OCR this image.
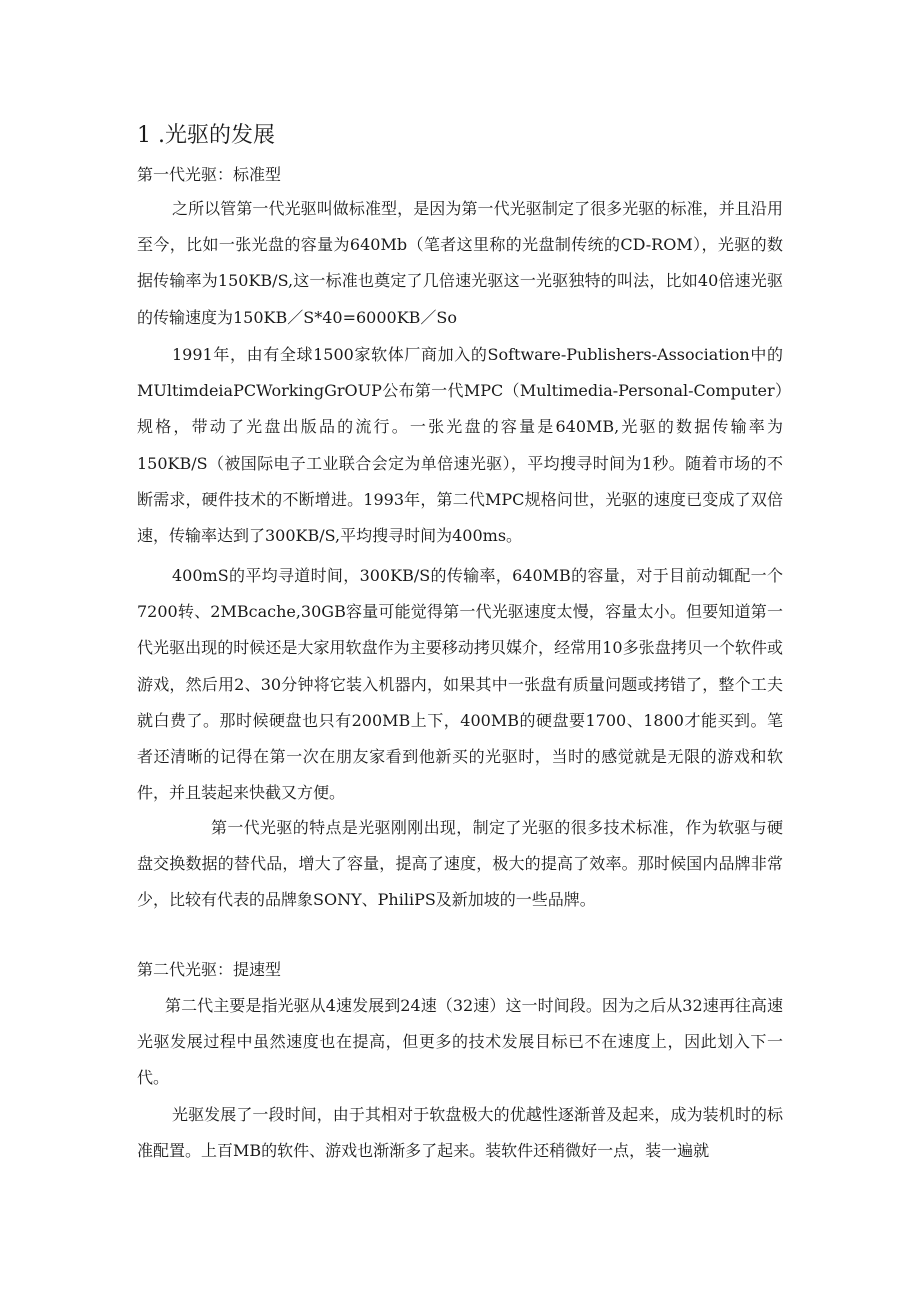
1 .光驱的发展
第一代光驱：标准型

之所以管第一代光驱叫做标准型，是因为第一代光驱制定了很多光驱的标准，并且沿用至今，比如一张光盘的容量为640Mb（笔者这里称的光盘制传统的CD-ROM），光驱的数据传输率为150KB/S,这一标准也奠定了几倍速光驱这一光驱独特的叫法，比如40倍速光驱的传输速度为150KB／S*40=6000KB／So

1991年，由有全球1500家软体厂商加入的Software-Publishers-Association中的MUltimdeiaPCWorkingGrOUP公布第一代MPC（Multimedia-Personal-Computer）规格，带动了光盘出版品的流行。一张光盘的容量是640MB,光驱的数据传输率为150KB/S（被国际电子工业联合会定为单倍速光驱），平均搜寻时间为1秒。随着市场的不断需求，硬件技术的不断增进。1993年，第二代MPC规格问世，光驱的速度已变成了双倍速，传输率达到了300KB/S,平均搜寻时间为400ms。

400mS的平均寻道时间，300KB/S的传输率，640MB的容量，对于目前动辄配一个7200转、2MBcache,30GB容量可能觉得第一代光驱速度太慢，容量太小。但要知道第一代光驱出现的时候还是大家用软盘作为主要移动拷贝媒介，经常用10多张盘拷贝一个软件或游戏，然后用2、30分钟将它装入机器内，如果其中一张盘有质量问题或拷错了，整个工夫就白费了。那时候硬盘也只有200MB上下，400MB的硬盘要1700、1800才能买到。笔者还清晰的记得在第一次在朋友家看到他新买的光驱时，当时的感觉就是无限的游戏和软件，并且装起来快截又方便。

第一代光驱的特点是光驱刚刚出现，制定了光驱的很多技术标准，作为软驱与硬盘交换数据的替代品，增大了容量，提高了速度，极大的提高了效率。那时候国内品牌非常少，比较有代表的品牌象SONY、PhiliPS及新加坡的一些品牌。

第二代光驱：提速型

第二代主要是指光驱从4速发展到24速（32速）这一时间段。因为之后从32速再往高速光驱发展过程中虽然速度也在提高，但更多的技术发展目标已不在速度上，因此划入下一代。

光驱发展了一段时间，由于其相对于软盘极大的优越性逐渐普及起来，成为装机时的标准配置。上百MB的软件、游戏也渐渐多了起来。装软件还稍微好一点，装一遍就
